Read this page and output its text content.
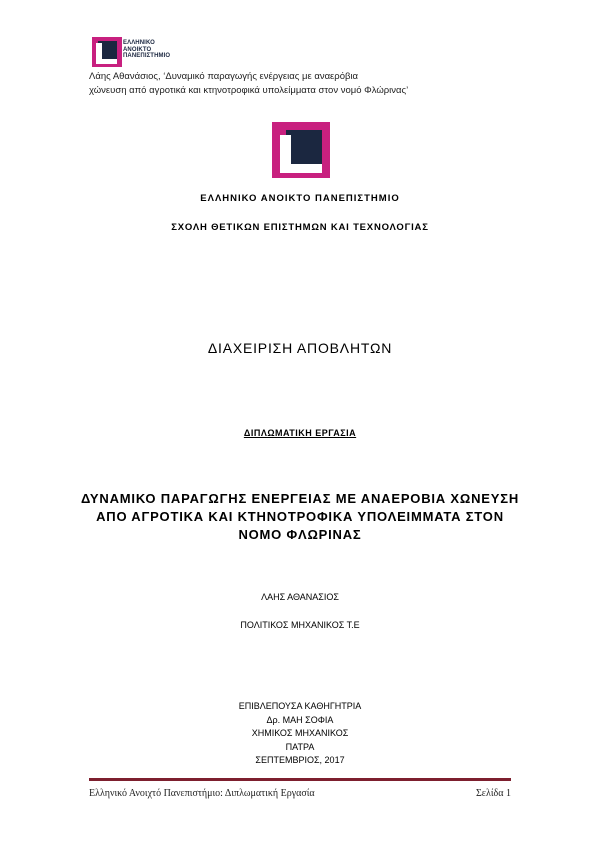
ΕΛΛΗΝΙΚΟ
ΑΝΟΙΚΤΟ
ΠΑΝΕΠΙΣΤΗΜΙΟ
Λάης Αθανάσιος, ‘Δυναμικό παραγωγής ενέργειας με αναερόβια
χώνευση από αγροτικά και κτηνοτροφικά υπολείμματα στον νομό Φλώρινας’
ΕΛΛΗΝΙΚΟ ΑΝΟΙΚΤΟ ΠΑΝΕΠΙΣΤΗΜΙΟ
ΣΧΟΛΗ ΘΕΤΙΚΩΝ ΕΠΙΣΤΗΜΩΝ ΚΑΙ ΤΕΧΝΟΛΟΓΙΑΣ
ΔΙΑΧΕΙΡΙΣΗ ΑΠΟΒΛΗΤΩΝ
ΔΙΠΛΩΜΑΤΙΚΗ ΕΡΓΑΣΙΑ
ΔΥΝΑΜΙΚΟ ΠΑΡΑΓΩΓΗΣ ΕΝΕΡΓΕΙΑΣ ΜΕ ΑΝΑΕΡΟΒΙΑ ΧΩΝΕΥΣΗ
ΑΠΟ ΑΓΡΟΤΙΚΑ ΚΑΙ ΚΤΗΝΟΤΡΟΦΙΚΑ ΥΠΟΛΕΙΜΜΑΤΑ ΣΤΟΝ
ΝΟΜΟ ΦΛΩΡΙΝΑΣ
ΛΑΗΣ ΑΘΑΝΑΣΙΟΣ
ΠΟΛΙΤΙΚΟΣ ΜΗΧΑΝΙΚΟΣ Τ.Ε
ΕΠΙΒΛΕΠΟΥΣΑ ΚΑΘΗΓΗΤΡΙΑ
Δρ. ΜΑΗ ΣΟΦΙΑ
ΧΗΜΙΚΟΣ ΜΗΧΑΝΙΚΟΣ
ΠΑΤΡΑ
ΣΕΠΤΕΜΒΡΙΟΣ, 2017
Ελληνικό Ανοιχτό Πανεπιστήμιο: Διπλωματική Εργασία	Σελίδα 1
